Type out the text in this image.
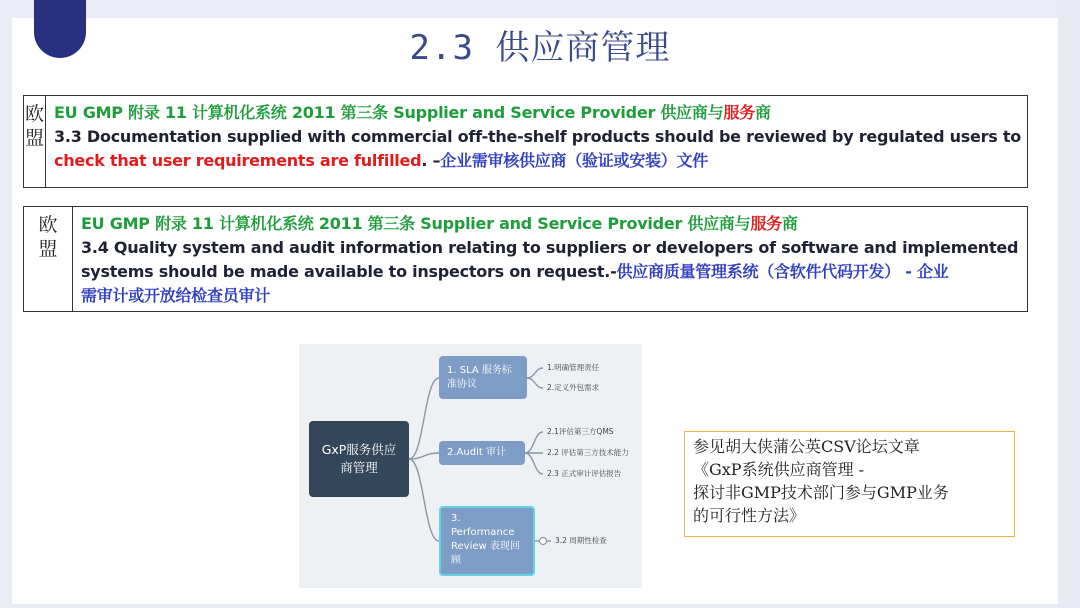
2.3 供应商管理
欧
盟
EU GMP 附录 11 计算机化系统 2011 第三条 Supplier and Service Provider 供应商与服务商
3.3 Documentation supplied with commercial off-the-shelf products should be reviewed by regulated users to
check that user requirements are fulfilled. –企业需审核供应商（验证或安装）文件
欧
盟
EU GMP 附录 11 计算机化系统 2011 第三条 Supplier and Service Provider 供应商与服务商
3.4 Quality system and audit information relating to suppliers or developers of software and implemented
systems should be made available to inspectors on request.-供应商质量管理系统（含软件代码开发） - 企业
需审计或开放给检查员审计
GxP服务供应商管理
1. SLA 服务标准协议
2.Audit 审计
3. Performance Review 表现回顾
1.明确管理责任
2.定义外包需求
2.1评估第三方QMS
2.2 评估第三方技术能力
2.3 正式审计评估报告
3.2 周期性检查
参见胡大侠蒲公英CSV论坛文章
《GxP系统供应商管理 -
探讨非GMP技术部门参与GMP业务
的可行性方法》
